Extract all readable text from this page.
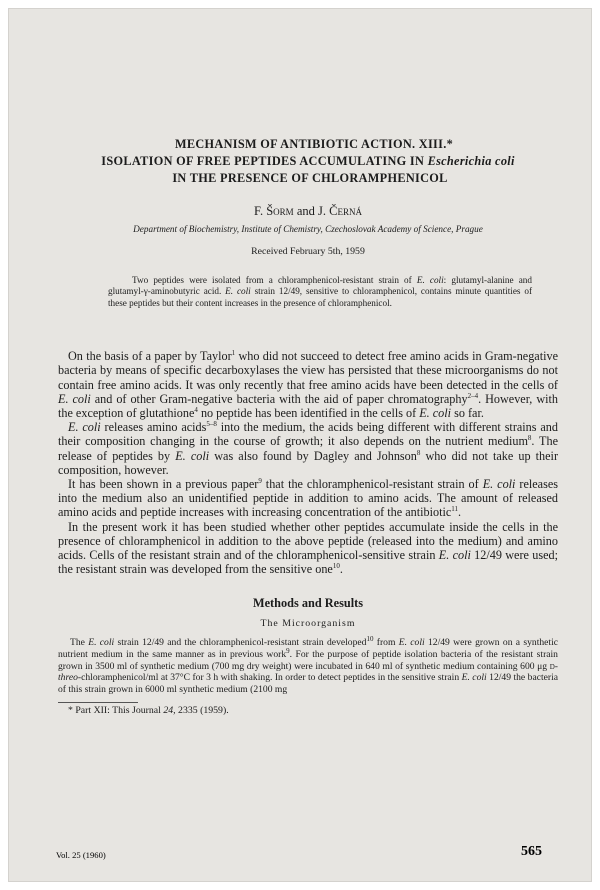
MECHANISM OF ANTIBIOTIC ACTION. XIII.*
ISOLATION OF FREE PEPTIDES ACCUMULATING IN Escherichia coli
IN THE PRESENCE OF CHLORAMPHENICOL
F. Šorm and J. Černá
Department of Biochemistry, Institute of Chemistry, Czechoslovak Academy of Science, Prague
Received February 5th, 1959
Two peptides were isolated from a chloramphenicol-resistant strain of E. coli: glutamyl-alanine and glutamyl-γ-aminobutyric acid. E. coli strain 12/49, sensitive to chloramphenicol, contains minute quantities of these peptides but their content increases in the presence of chloramphenicol.

On the basis of a paper by Taylor$^1$ who did not succeed to detect free amino acids in Gram-negative bacteria by means of specific decarboxylases the view has persisted that these microorganisms do not contain free amino acids. It was only recently that free amino acids have been detected in the cells of E. coli and of other Gram-negative bacteria with the aid of paper chromatography$^{2-4}$. However, with the exception of glutathione$^4$ no peptide has been identified in the cells of E. coli so far.

E. coli releases amino acids$^{5-8}$ into the medium, the acids being different with different strains and their composition changing in the course of growth; it also depends on the nutrient medium$^8$. The release of peptides by E. coli was also found by Dagley and Johnson$^8$ who did not take up their composition, however.

It has been shown in a previous paper$^9$ that the chloramphenicol-resistant strain of E. coli releases into the medium also an unidentified peptide in addition to amino acids. The amount of released amino acids and peptide increases with increasing concentration of the antibiotic$^{11}$.

In the present work it has been studied whether other peptides accumulate inside the cells in the presence of chloramphenicol in addition to the above peptide (released into the medium) and amino acids. Cells of the resistant strain and of the chloramphenicol-sensitive strain E. coli 12/49 were used; the resistant strain was developed from the sensitive one$^{10}$.

Methods and Results
The Microorganism
The E. coli strain 12/49 and the chloramphenicol-resistant strain developed$^{10}$ from E. coli 12/49 were grown on a synthetic nutrient medium in the same manner as in previous work$^9$. For the purpose of peptide isolation bacteria of the resistant strain grown in 3500 ml of synthetic medium (700 mg dry weight) were incubated in 640 ml of synthetic medium containing 600 μg d-threo-chloramphenicol/ml at 37°C for 3 h with shaking. In order to detect peptides in the sensitive strain E. coli 12/49 the bacteria of this strain grown in 6000 ml synthetic medium (2100 mg
* Part XII: This Journal 24, 2335 (1959).
Vol. 25 (1960)	565
